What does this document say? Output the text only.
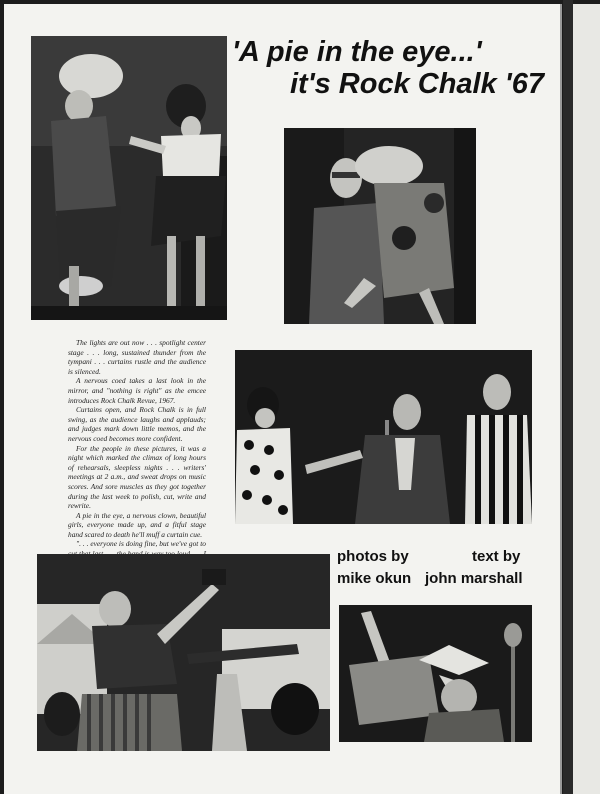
'A pie in the eye...'
it's Rock Chalk '67

The lights are out now . . . spotlight center stage . . . long, sustained thunder from the tympani . . . curtains rustle and the audience is silenced.

A nervous coed takes a last look in the mirror, and "nothing is right" as the emcee introduces Rock Chalk Revue, 1967.

Curtains open, and Rock Chalk is in full swing, as the audience laughs and applauds; and judges mark down little memos, and the nervous coed becomes more confident.

For the people in these pictures, it was a night which marked the climax of long hours of rehearsals, sleepless nights . . . writers' meetings at 2 a.m., and sweat drops on music scores. And sore muscles as they got together during the last week to polish, cut, write and rewrite.

A pie in the eye, a nervous clown, beautiful girls, everyone made up, and a fitful stage hand scared to death he'll muff a curtain cue.

". . . everyone is doing fine, but we've got to

photos by
mike okun
text by
john marshall
